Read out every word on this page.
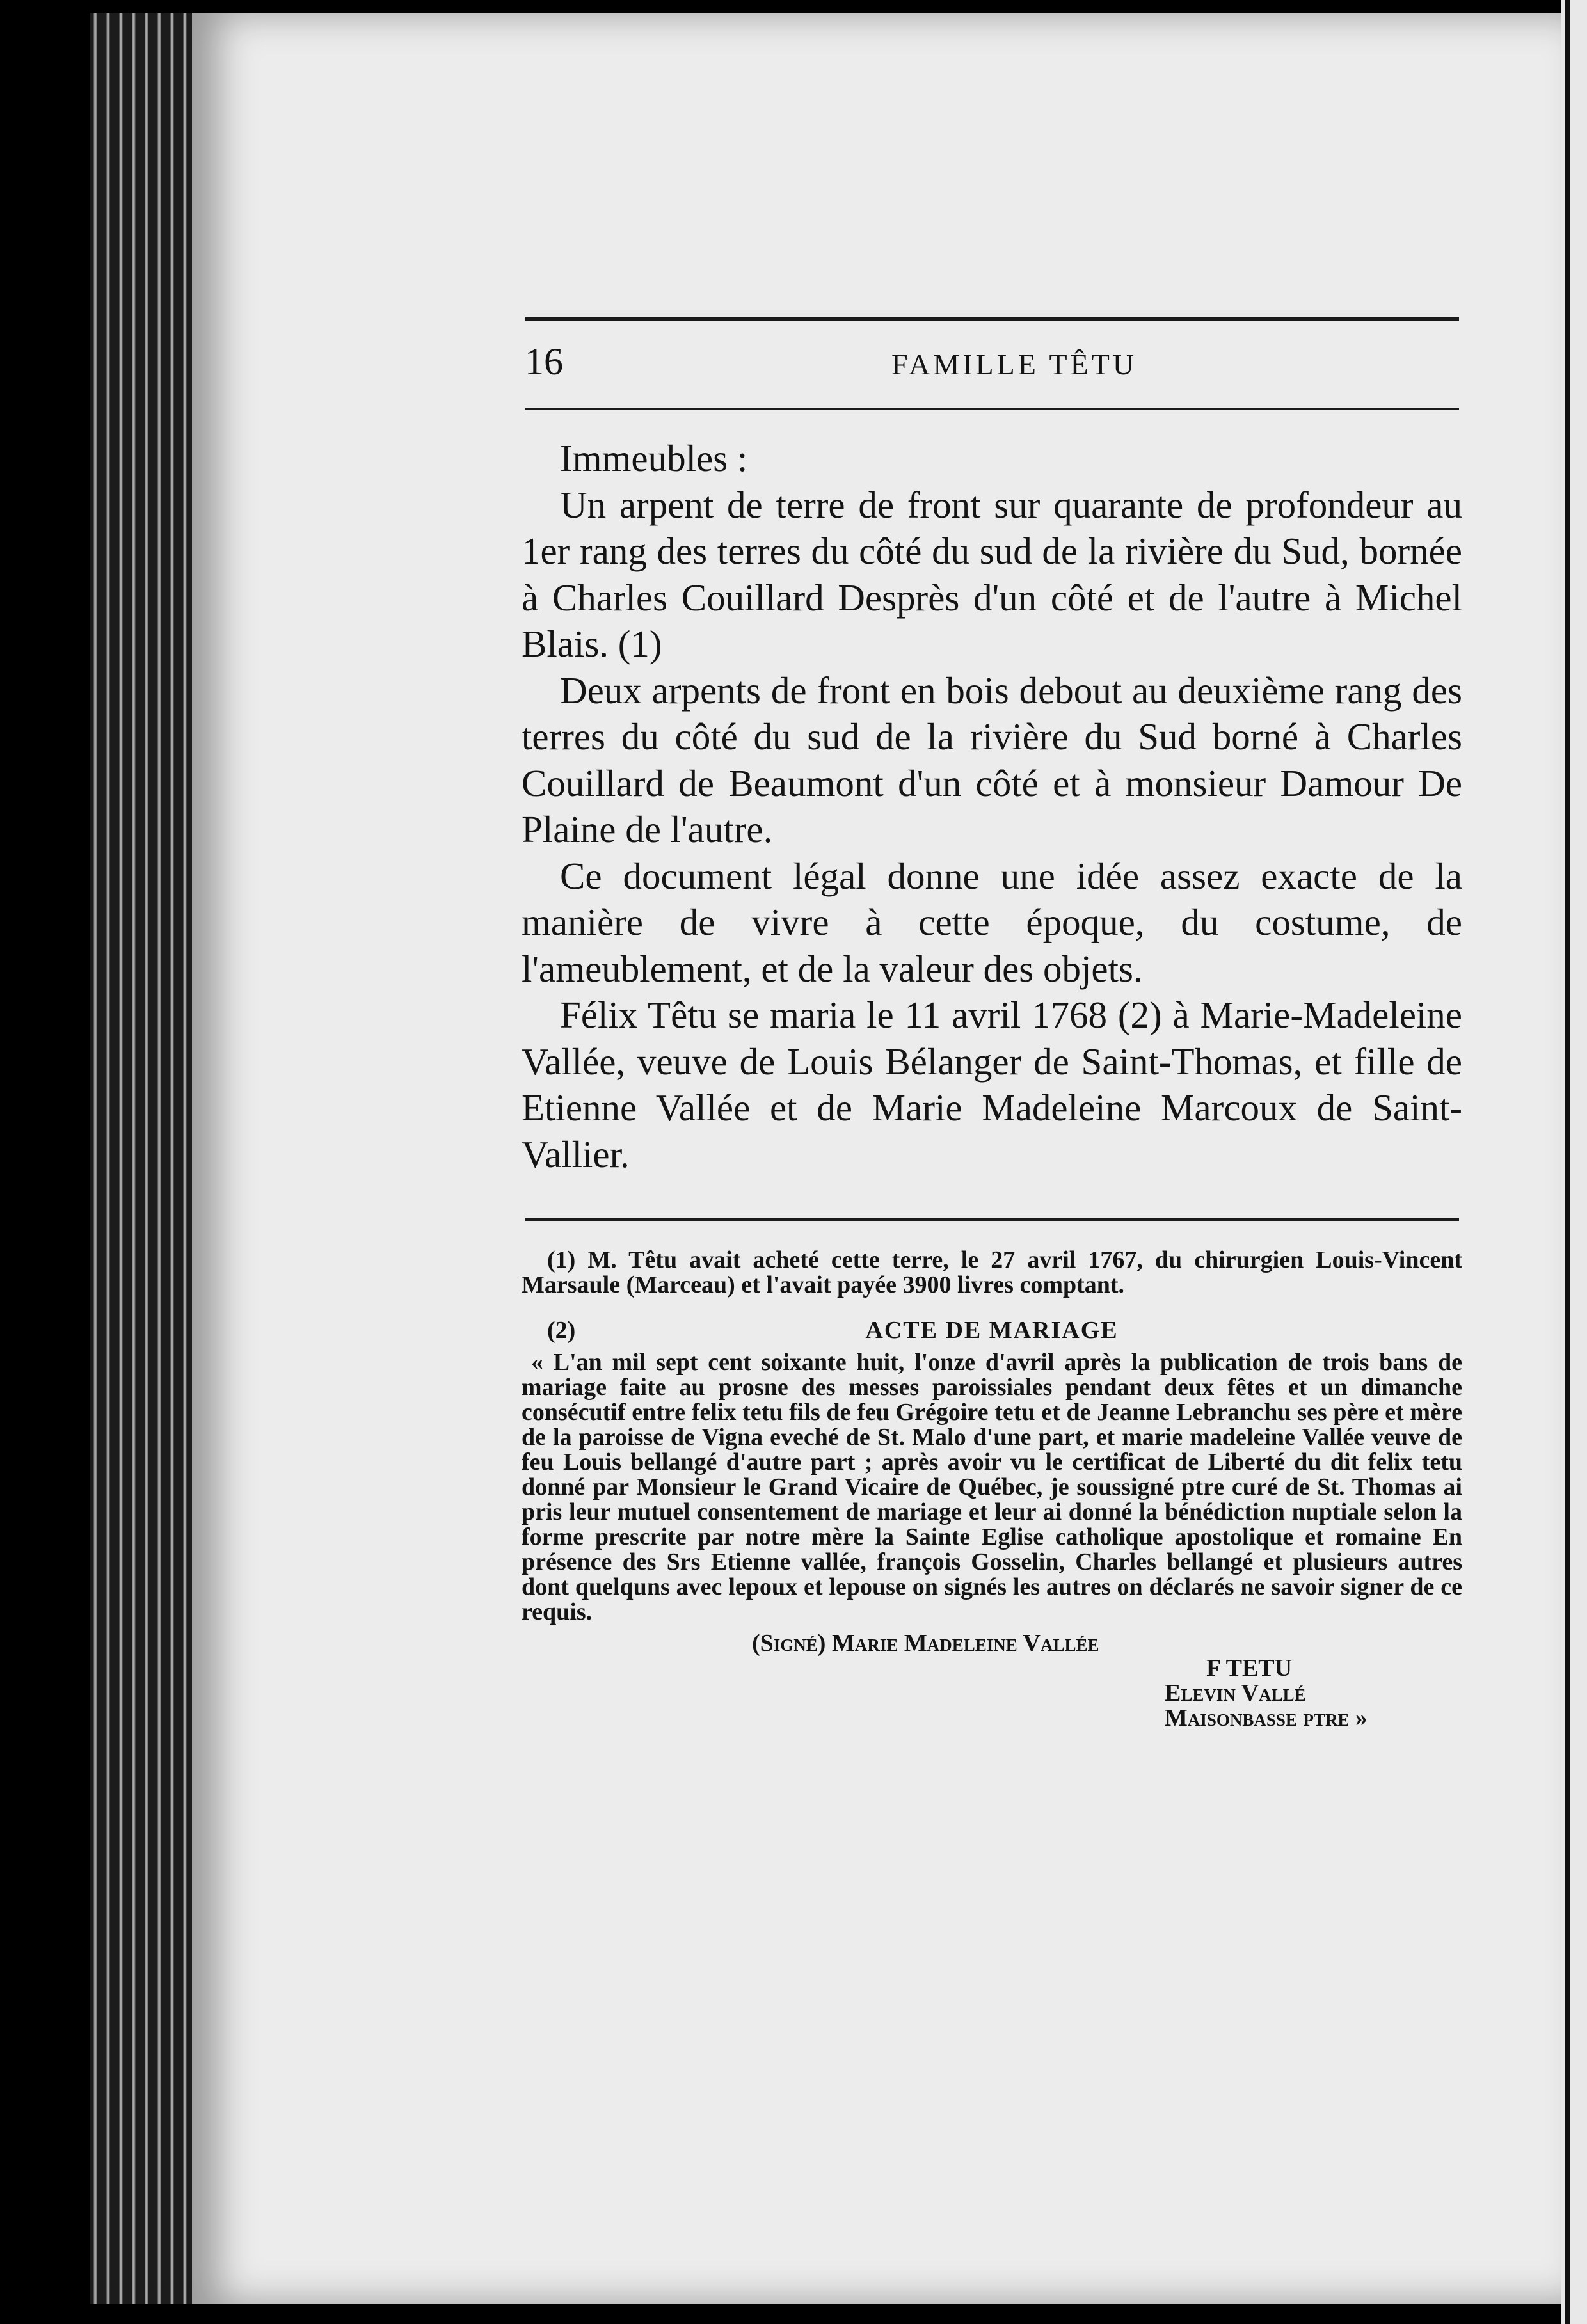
16	FAMILLE TÊTU

Immeubles :

Un arpent de terre de front sur quarante de profondeur au 1er rang des terres du côté du sud de la rivière du Sud, bornée à Charles Couillard Desprès d'un côté et de l'autre à Michel Blais. (1)

Deux arpents de front en bois debout au deuxième rang des terres du côté du sud de la rivière du Sud borné à Charles Couillard de Beaumont d'un côté et à monsieur Damour De Plaine de l'autre.

Ce document légal donne une idée assez exacte de la manière de vivre à cette époque, du costume, de l'ameublement, et de la valeur des objets.

Félix Têtu se maria le 11 avril 1768 (2) à Marie-Madeleine Vallée, veuve de Louis Bélanger de Saint-Thomas, et fille de Etienne Vallée et de Marie Madeleine Marcoux de Saint-Vallier.

(1) M. Têtu avait acheté cette terre, le 27 avril 1767, du chirurgien Louis-Vincent Marsaule (Marceau) et l'avait payée 3900 livres comptant.

(2)	ACTE DE MARIAGE

« L'an mil sept cent soixante huit, l'onze d'avril après la publication de trois bans de mariage faite au prosne des messes paroissiales pendant deux fêtes et un dimanche consécutif entre felix tetu fils de feu Grégoire tetu et de Jeanne Lebranchu ses père et mère de la paroisse de Vigna eveché de St. Malo d'une part, et marie madeleine Vallée veuve de feu Louis bellangé d'autre part ; après avoir vu le certificat de Liberté du dit felix tetu donné par Monsieur le Grand Vicaire de Québec, je soussigné ptre curé de St. Thomas ai pris leur mutuel consentement de mariage et leur ai donné la bénédiction nuptiale selon la forme prescrite par notre mère la Sainte Eglise catholique apostolique et romaine En présence des Srs Etienne vallée, françois Gosselin, Charles bellangé et plusieurs autres dont quelquns avec lepoux et lepouse on signés les autres on déclarés ne savoir signer de ce requis.

(Signé) Marie Madeleine Vallée

F TETU

Elevin Vallé

Maisonbasse ptre »
